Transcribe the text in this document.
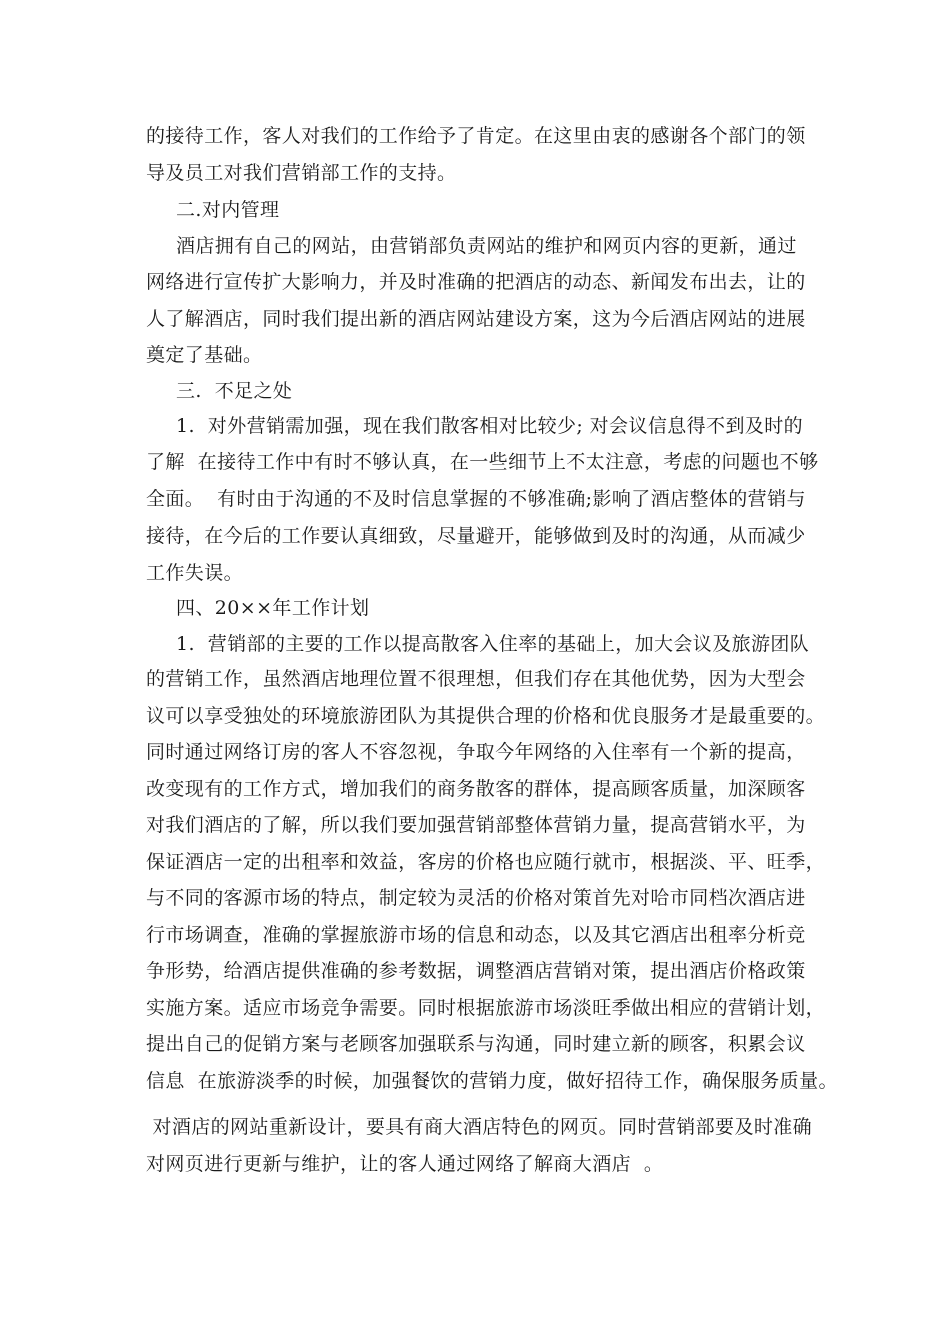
的接待工作，客人对我们的工作给予了肯定。在这里由衷的感谢各个部门的领
导及员工对我们营销部工作的支持。
二.对内管理
酒店拥有自己的网站，由营销部负责网站的维护和网页内容的更新，通过
网络进行宣传扩大影响力，并及时准确的把酒店的动态、新闻发布出去，让的
人了解酒店，同时我们提出新的酒店网站建设方案，这为今后酒店网站的进展
奠定了基础。
三.  不足之处
1.  对外营销需加强，现在我们散客相对比较少; 对会议信息得不到及时的
了解  在接待工作中有时不够认真，在一些细节上不太注意，考虑的问题也不够
全面。  有时由于沟通的不及时信息掌握的不够准确;影响了酒店整体的营销与
接待，在今后的工作要认真细致，尽量避开，能够做到及时的沟通，从而减少
工作失误。
四、20××年工作计划
1.  营销部的主要的工作以提高散客入住率的基础上，加大会议及旅游团队
的营销工作，虽然酒店地理位置不很理想，但我们存在其他优势，因为大型会
议可以享受独处的环境旅游团队为其提供合理的价格和优良服务才是最重要的。
同时通过网络订房的客人不容忽视，争取今年网络的入住率有一个新的提高，
改变现有的工作方式，增加我们的商务散客的群体，提高顾客质量，加深顾客
对我们酒店的了解，所以我们要加强营销部整体营销力量，提高营销水平，为
保证酒店一定的出租率和效益，客房的价格也应随行就市，根据淡、平、旺季，
与不同的客源市场的特点，制定较为灵活的价格对策首先对哈市同档次酒店进
行市场调查，准确的掌握旅游市场的信息和动态，以及其它酒店出租率分析竞
争形势，给酒店提供准确的参考数据，调整酒店营销对策，提出酒店价格政策
实施方案。适应市场竞争需要。同时根据旅游市场淡旺季做出相应的营销计划，
提出自己的促销方案与老顾客加强联系与沟通，同时建立新的顾客，积累会议
信息  在旅游淡季的时候，加强餐饮的营销力度，做好招待工作，确保服务质量。
对酒店的网站重新设计，要具有商大酒店特色的网页。同时营销部要及时准确
对网页进行更新与维护，让的客人通过网络了解商大酒店  。
